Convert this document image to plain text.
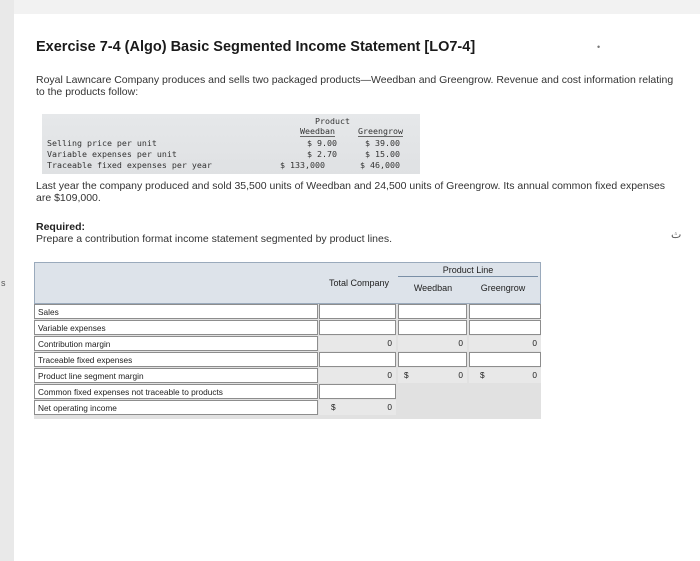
s
Exercise 7-4 (Algo) Basic Segmented Income Statement [LO7-4]	•
Royal Lawncare Company produces and sells two packaged products—Weedban and Greengrow. Revenue and cost information relating to the products follow:
Product
Weedban	Greengrow
Selling price per unit	$ 9.00	$ 39.00
Variable expenses per unit	$ 2.70	$ 15.00
Traceable fixed expenses per year	$ 133,000	$ 46,000
Last year the company produced and sold 35,500 units of Weedban and 24,500 units of Greengrow. Its annual common fixed expenses are $109,000.
Required:
Prepare a contribution format income statement segmented by product lines.	ث
Total Company
Product Line
Weedban	Greengrow
Sales
Variable expenses
Contribution margin	0	0	0
Traceable fixed expenses
Product line segment margin	0 $	0 $	0
Common fixed expenses not traceable to products
Net operating income	$	0
